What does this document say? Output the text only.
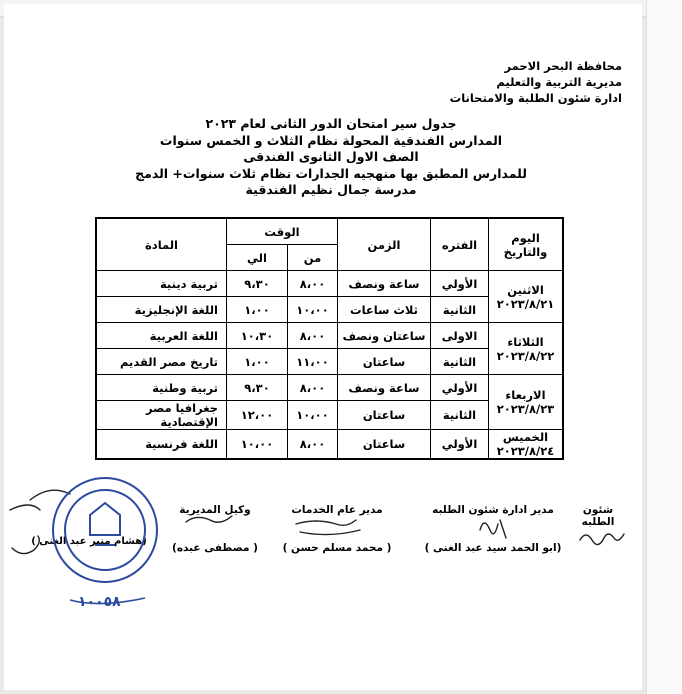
محافظة البحر الاحمر
مديرية التربية والتعليم
ادارة شئون الطلبة والامتحانات
جدول سير امتحان الدور الثانى لعام ٢٠٢٣
المدارس الفندقية المحولة نظام الثلاث و الخمس سنوات
الصف الاول الثانوى الفندقى
للمدارس المطبق بها منهجيه الجدارات نظام ثلاث سنوات+ الدمج
مدرسة جمال نظيم الفندقية
اليوم والتاريخ	الفتره	الزمن	الوقت		المادة
			من	الي	

الاثنين
٢٠٢٣/٨/٢١	الأولي	ساعة ونصف	٨،٠٠	٩،٣٠	تربية دينية
	الثانية	ثلاث ساعات	١٠،٠٠	١،٠٠	اللغة الإنجليزية

الثلاثاء
٢٠٢٣/٨/٢٢	الاولى	ساعتان ونصف	٨،٠٠	١٠،٣٠	اللغة العربية
	الثانية	ساعتان	١١،٠٠	١،٠٠	تاريخ مصر القديم

الاربعاء
٢٠٢٣/٨/٢٣	الأولي	ساعة ونصف	٨،٠٠	٩،٣٠	تربية وطنية
	الثانية	ساعتان	١٠،٠٠	١٢،٠٠	جغرافيا مصر الإقتصادية

الخميس
٢٠٢٣/٨/٢٤	الأولي	ساعتان	٨،٠٠	١٠،٠٠	اللغة فرنسية
شئون الطلبه
مدير ادارة شئون الطلبه
(ابو الحمد سيد عبد الغنى )
مدير عام الخدمات
( محمد مسلم حسن )
وكيل المديرية
( مصطفى عبده)
(هشام منير عبد الغنى )
١٠٠٥٨
